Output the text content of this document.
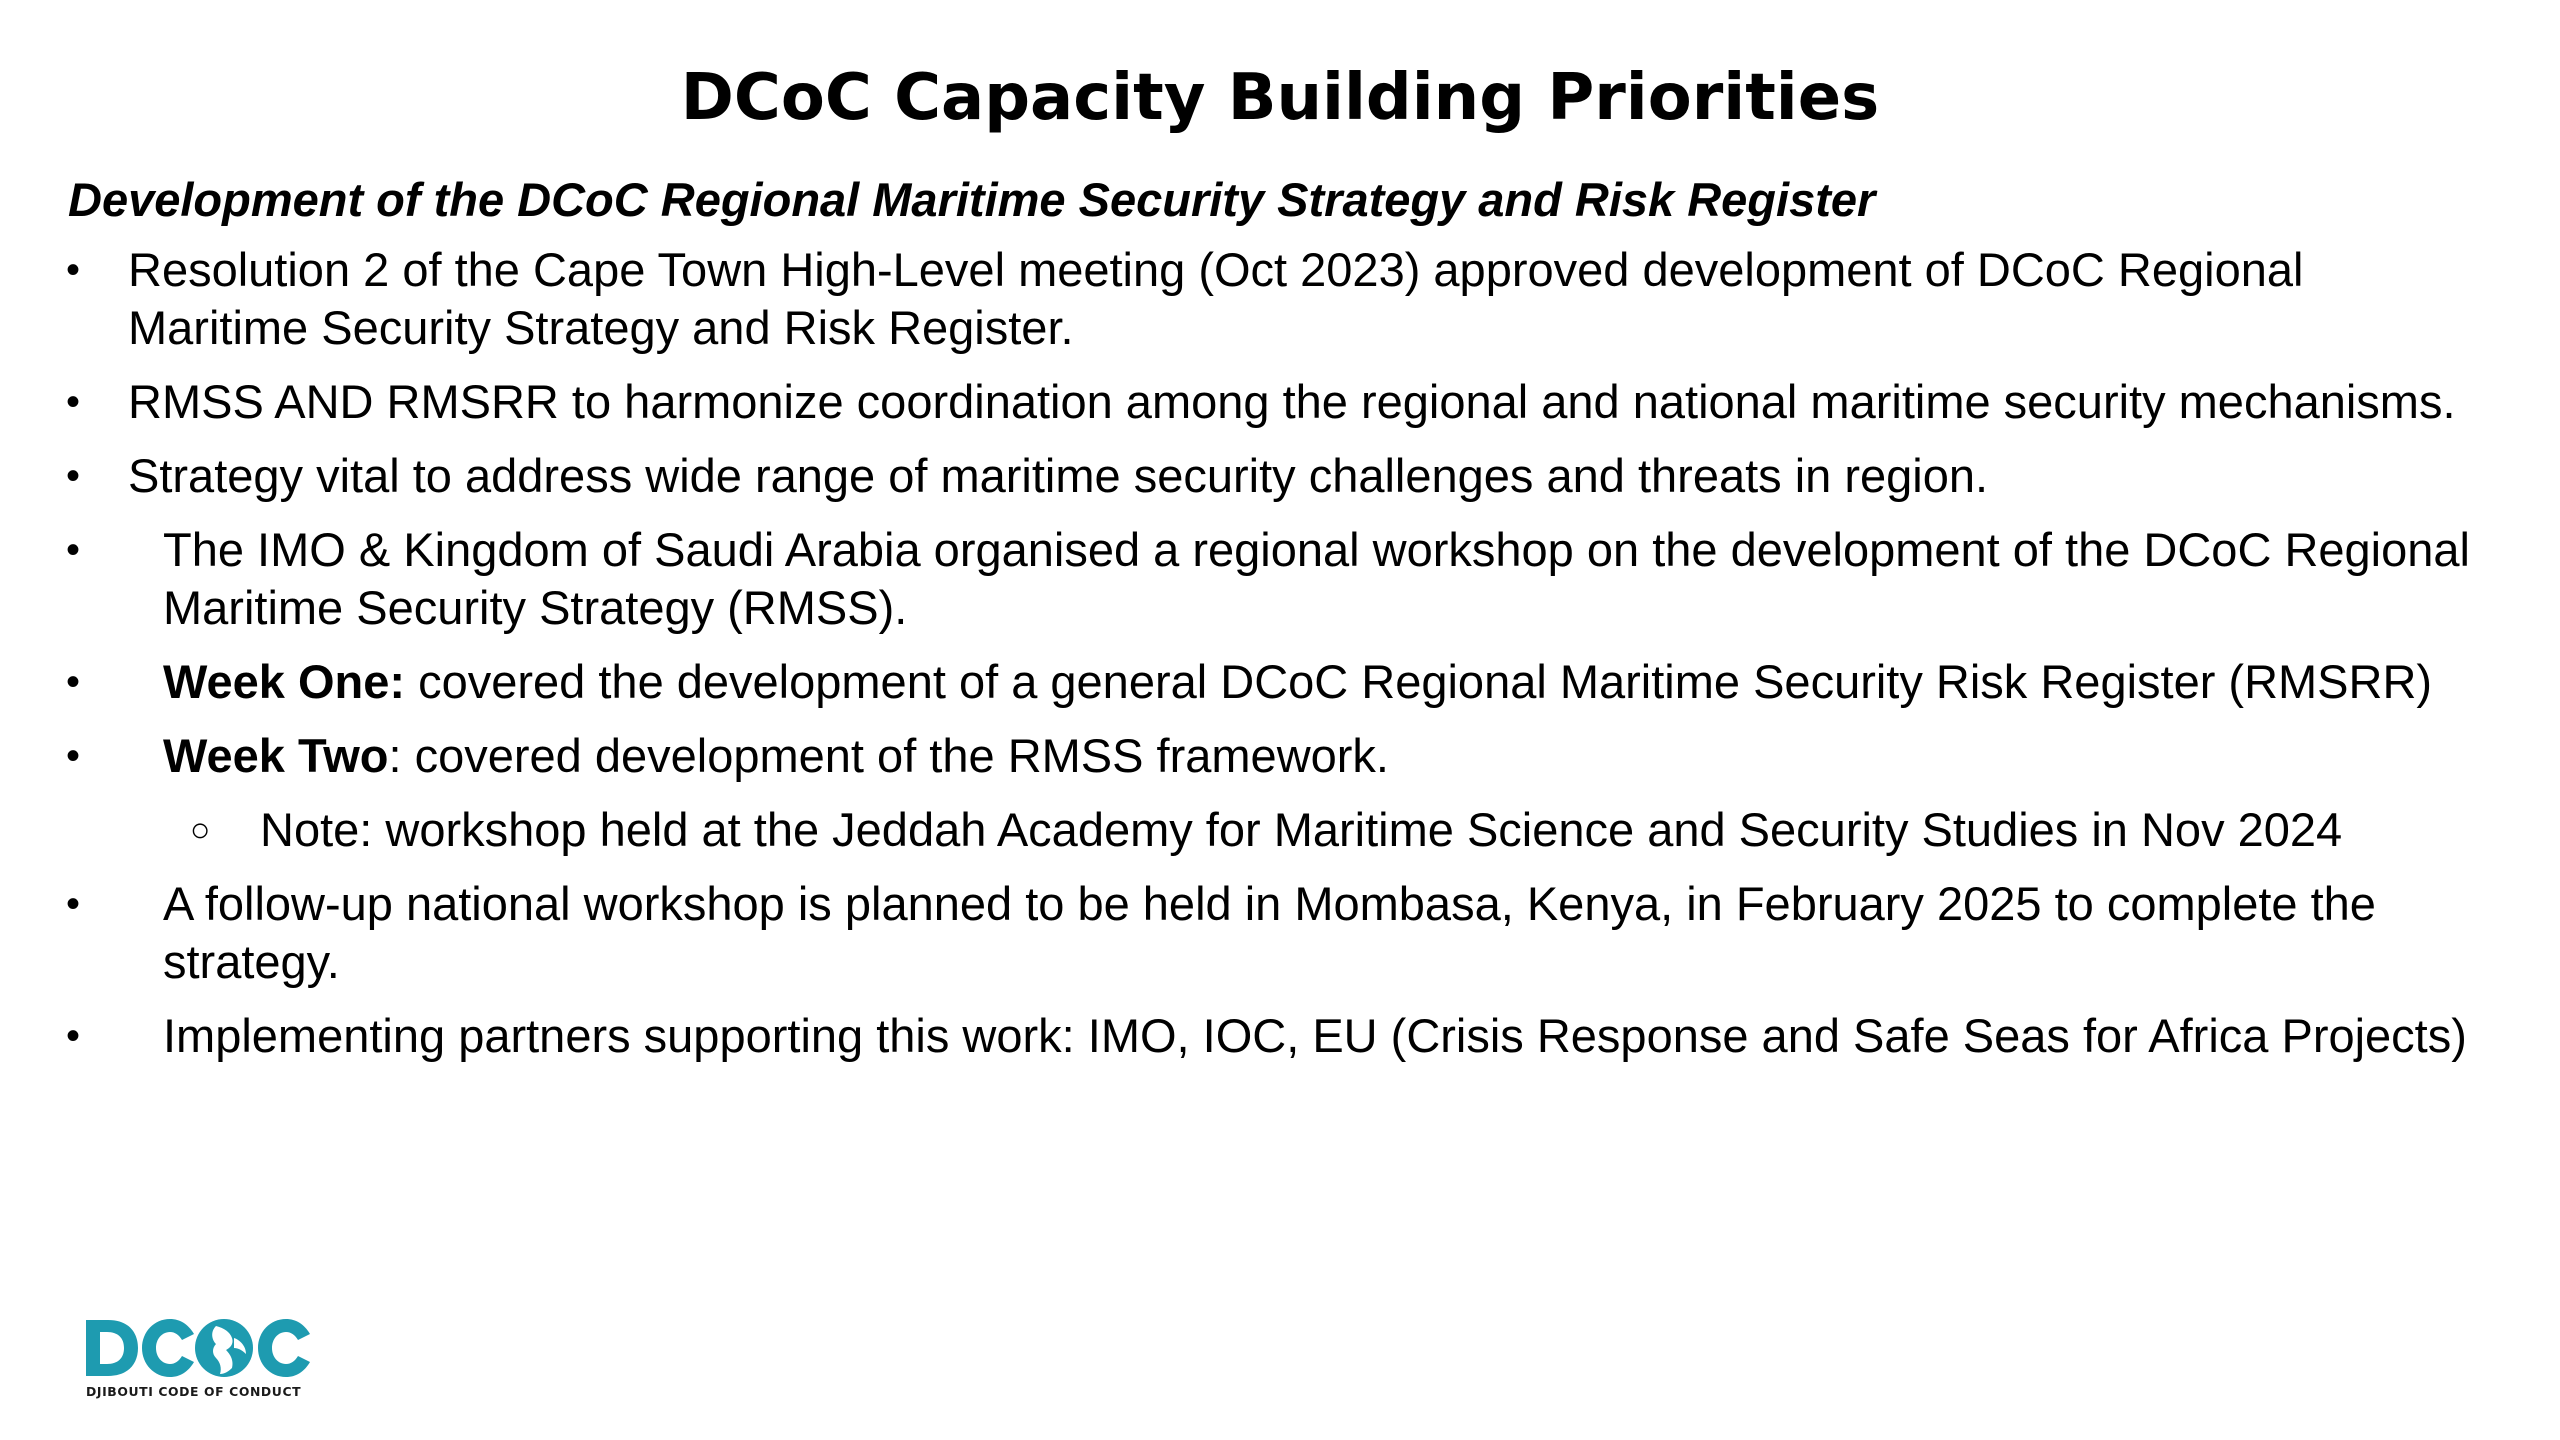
DCoC Capacity Building Priorities

Development of the DCoC Regional Maritime Security Strategy and Risk Register

• Resolution 2 of the Cape Town High-Level meeting (Oct 2023) approved development of DCoC Regional Maritime Security Strategy and Risk Register.
• RMSS AND RMSRR to harmonize coordination among the regional and national maritime security mechanisms.
• Strategy vital to address wide range of maritime security challenges and threats in region.
• The IMO & Kingdom of Saudi Arabia organised a regional workshop on the development of the DCoC Regional Maritime Security Strategy (RMSS).
• Week One: covered the development of a general DCoC Regional Maritime Security Risk Register (RMSRR)
• Week Two: covered development of the RMSS framework.
○ Note: workshop held at the Jeddah Academy for Maritime Science and Security Studies in Nov 2024
• A follow-up national workshop is planned to be held in Mombasa, Kenya, in February 2025 to complete the strategy.
• Implementing partners supporting this work: IMO, IOC, EU (Crisis Response and Safe Seas for Africa Projects)
DJIBOUTI CODE OF CONDUCT
